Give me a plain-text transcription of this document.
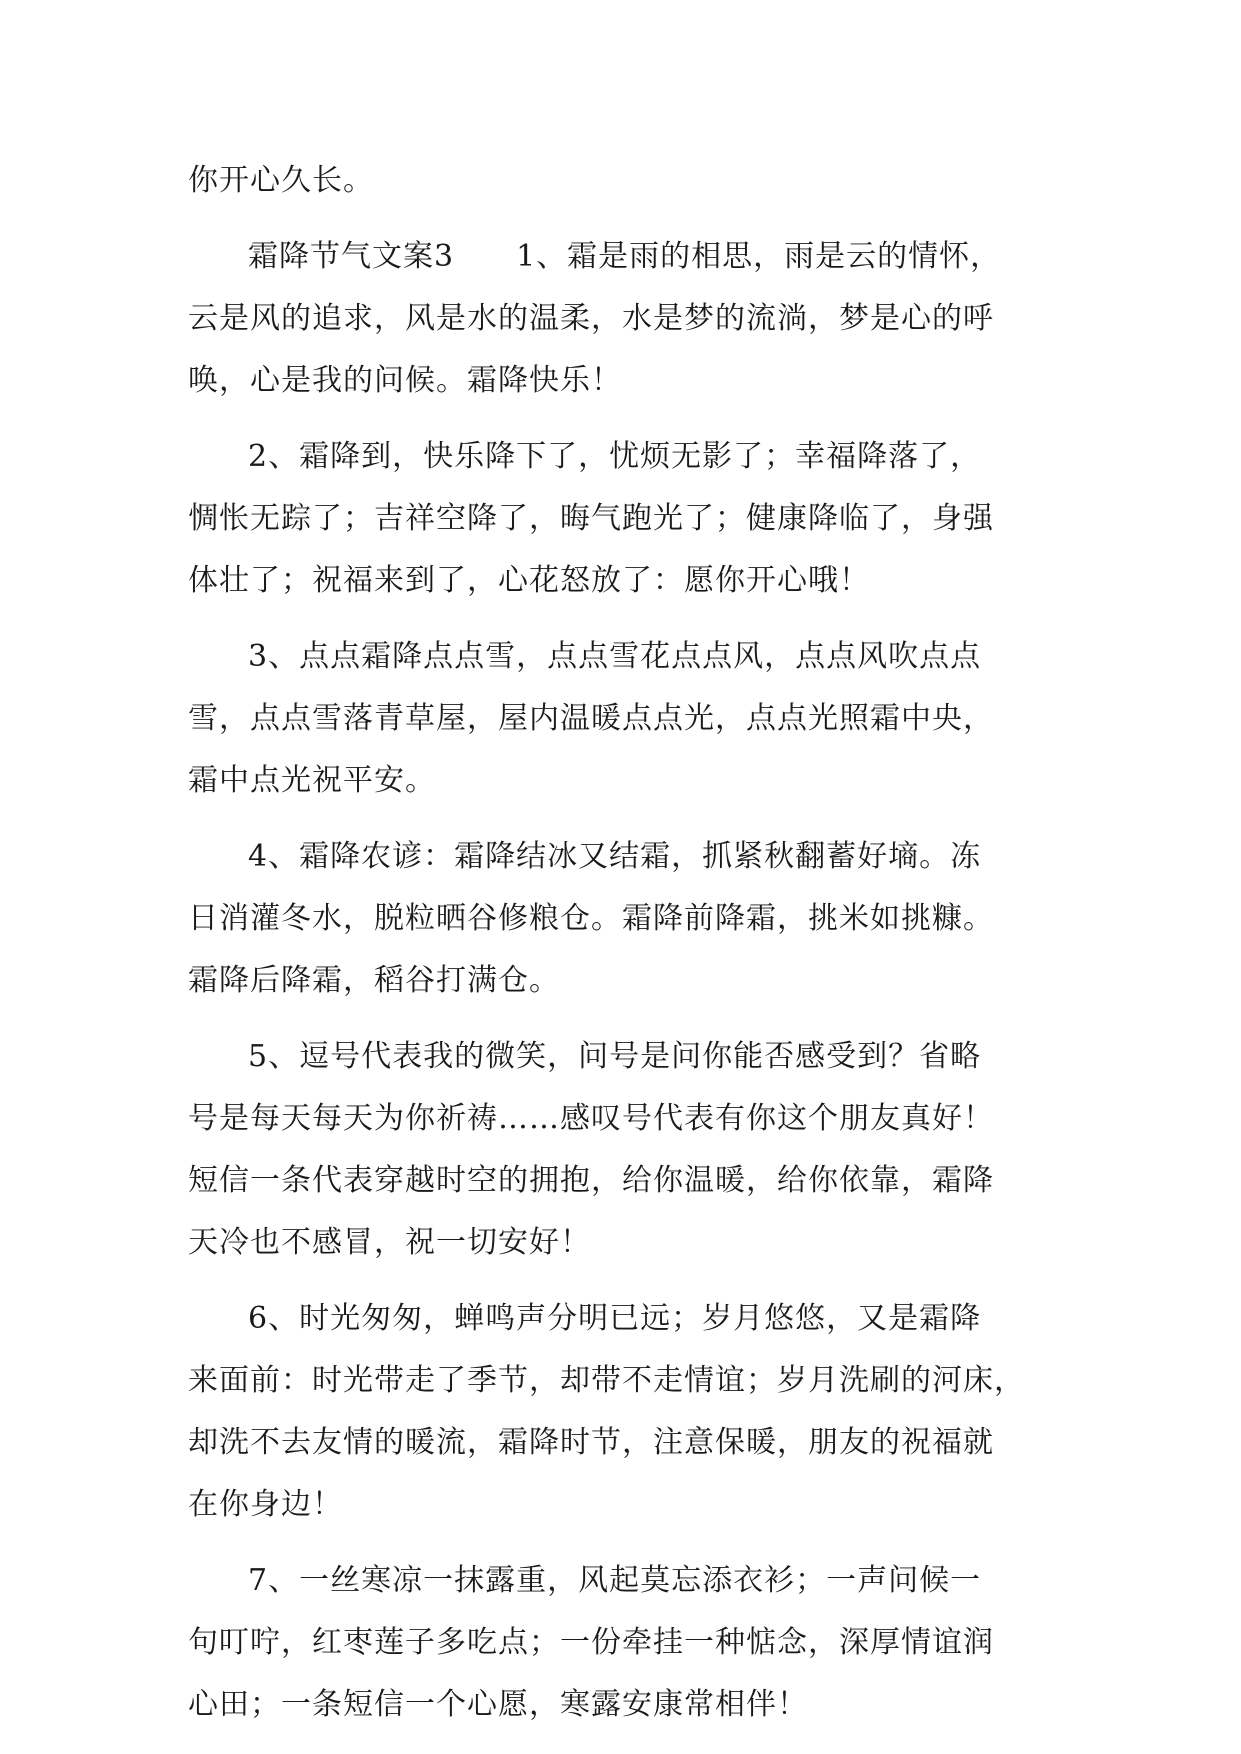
你开心久长。
霜降节气文案3　　1、霜是雨的相思，雨是云的情怀，
云是风的追求，风是水的温柔，水是梦的流淌，梦是心的呼
唤，心是我的问候。霜降快乐！
2、霜降到，快乐降下了，忧烦无影了；幸福降落了，
惆怅无踪了；吉祥空降了，晦气跑光了；健康降临了，身强
体壮了；祝福来到了，心花怒放了：愿你开心哦！
3、点点霜降点点雪，点点雪花点点风，点点风吹点点
雪，点点雪落青草屋，屋内温暖点点光，点点光照霜中央，
霜中点光祝平安。
4、霜降农谚：霜降结冰又结霜，抓紧秋翻蓄好墒。冻
日消灌冬水，脱粒晒谷修粮仓。霜降前降霜，挑米如挑糠。
霜降后降霜，稻谷打满仓。
5、逗号代表我的微笑，问号是问你能否感受到？省略
号是每天每天为你祈祷……感叹号代表有你这个朋友真好！
短信一条代表穿越时空的拥抱，给你温暖，给你依靠，霜降
天冷也不感冒，祝一切安好！
6、时光匆匆，蝉鸣声分明已远；岁月悠悠，又是霜降
来面前：时光带走了季节，却带不走情谊；岁月洗刷的河床，
却洗不去友情的暖流，霜降时节，注意保暖，朋友的祝福就
在你身边！
7、一丝寒凉一抹露重，风起莫忘添衣衫；一声问候一
句叮咛，红枣莲子多吃点；一份牵挂一种惦念，深厚情谊润
心田；一条短信一个心愿，寒露安康常相伴！
